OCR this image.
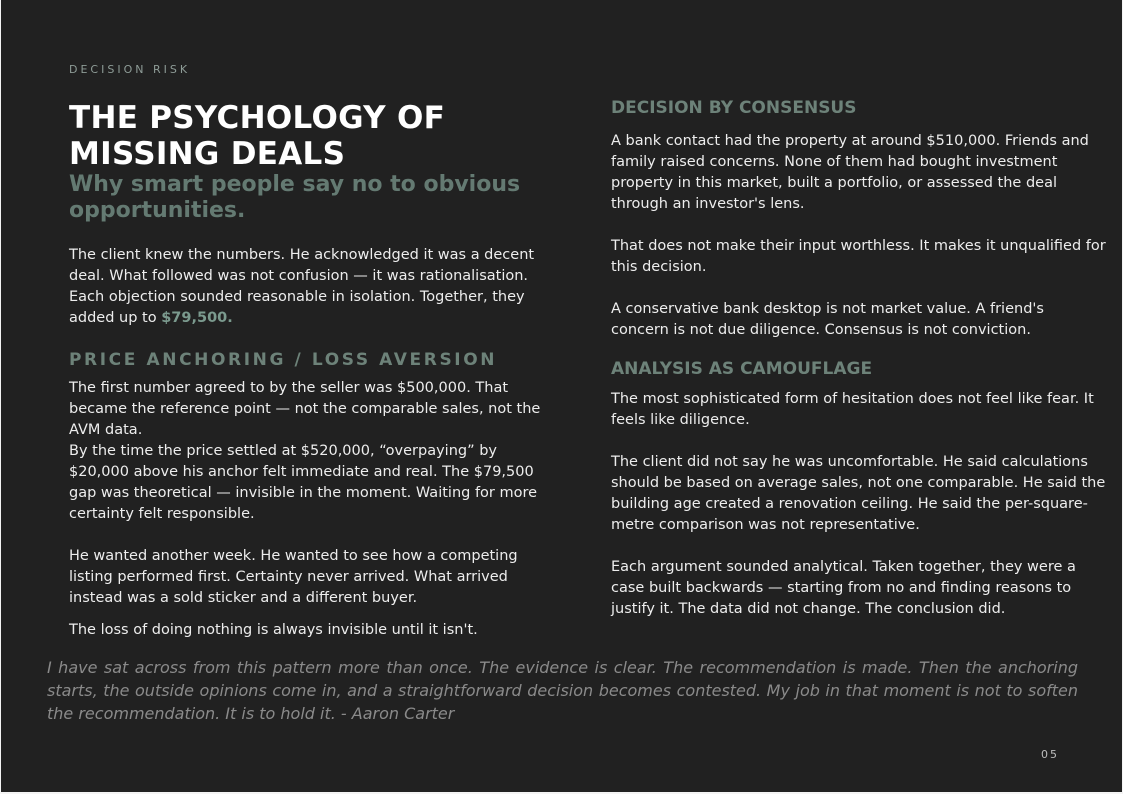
DECISION RISK
THE PSYCHOLOGY OF MISSING DEALS
Why smart people say no to obvious opportunities.

The client knew the numbers. He acknowledged it was a decent deal. What followed was not confusion — it was rationalisation. Each objection sounded reasonable in isolation. Together, they added up to $79,500.

PRICE ANCHORING / LOSS AVERSION

The first number agreed to by the seller was $500,000. That became the reference point — not the comparable sales, not the AVM data.

By the time the price settled at $520,000, “overpaying” by $20,000 above his anchor felt immediate and real. The $79,500 gap was theoretical — invisible in the moment. Waiting for more certainty felt responsible.

He wanted another week. He wanted to see how a competing listing performed first. Certainty never arrived. What arrived instead was a sold sticker and a different buyer.

The loss of doing nothing is always invisible until it isn't.

DECISION BY CONSENSUS

A bank contact had the property at around $510,000. Friends and family raised concerns. None of them had bought investment property in this market, built a portfolio, or assessed the deal through an investor's lens.

That does not make their input worthless. It makes it unqualified for this decision.

A conservative bank desktop is not market value. A friend's concern is not due diligence. Consensus is not conviction.

ANALYSIS AS CAMOUFLAGE

The most sophisticated form of hesitation does not feel like fear. It feels like diligence.

The client did not say he was uncomfortable. He said calculations should be based on average sales, not one comparable. He said the building age created a renovation ceiling. He said the per-square-metre comparison was not representative.

Each argument sounded analytical. Taken together, they were a case built backwards — starting from no and finding reasons to justify it. The data did not change. The conclusion did.

I have sat across from this pattern more than once. The evidence is clear. The recommendation is made. Then the anchoring starts, the outside opinions come in, and a straightforward decision becomes contested. My job in that moment is not to soften the recommendation. It is to hold it. - Aaron Carter

05
